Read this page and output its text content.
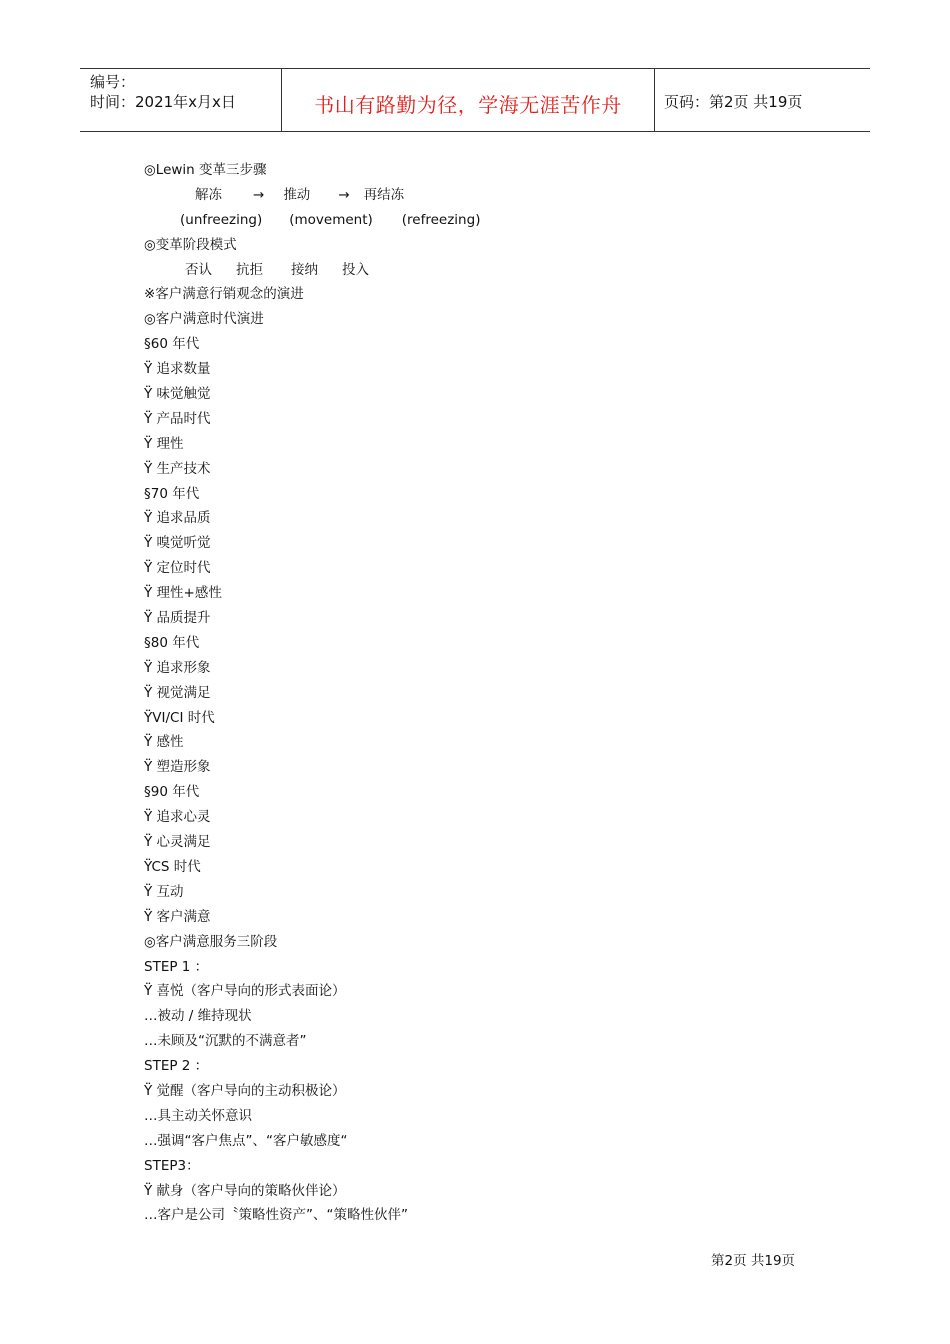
编号：
时间：2021年x月x日	书山有路勤为径，学海无涯苦作舟	页码：第2页 共19页
◎Lewin 变革三步骤
解冻 → 推动 → 再结冻
(unfreezing) (movement) (refreezing)
◎变革阶段模式
否认 抗拒 接纳 投入
※客户满意行销观念的演进
◎客户满意时代演进
§60 年代
Ÿ 追求数量
Ÿ 味觉触觉
Ÿ 产品时代
Ÿ 理性
Ÿ 生产技术
§70 年代
Ÿ 追求品质
Ÿ 嗅觉听觉
Ÿ 定位时代
Ÿ 理性+感性
Ÿ 品质提升
§80 年代
Ÿ 追求形象
Ÿ 视觉满足
ŸVI/CI 时代
Ÿ 感性
Ÿ 塑造形象
§90 年代
Ÿ 追求心灵
Ÿ 心灵满足
ŸCS 时代
Ÿ 互动
Ÿ 客户满意
◎客户满意服务三阶段
STEP 1 ：
Ÿ 喜悦（客户导向的形式表面论）
…被动 / 维持现状
…未顾及“沉默的不满意者”
STEP 2 ：
Ÿ 觉醒（客户导向的主动积极论）
…具主动关怀意识
…强调“客户焦点”、“客户敏感度“
STEP3：
Ÿ 献身（客户导向的策略伙伴论）
…客户是公司〝策略性资产”、“策略性伙伴”
第2页 共19页
